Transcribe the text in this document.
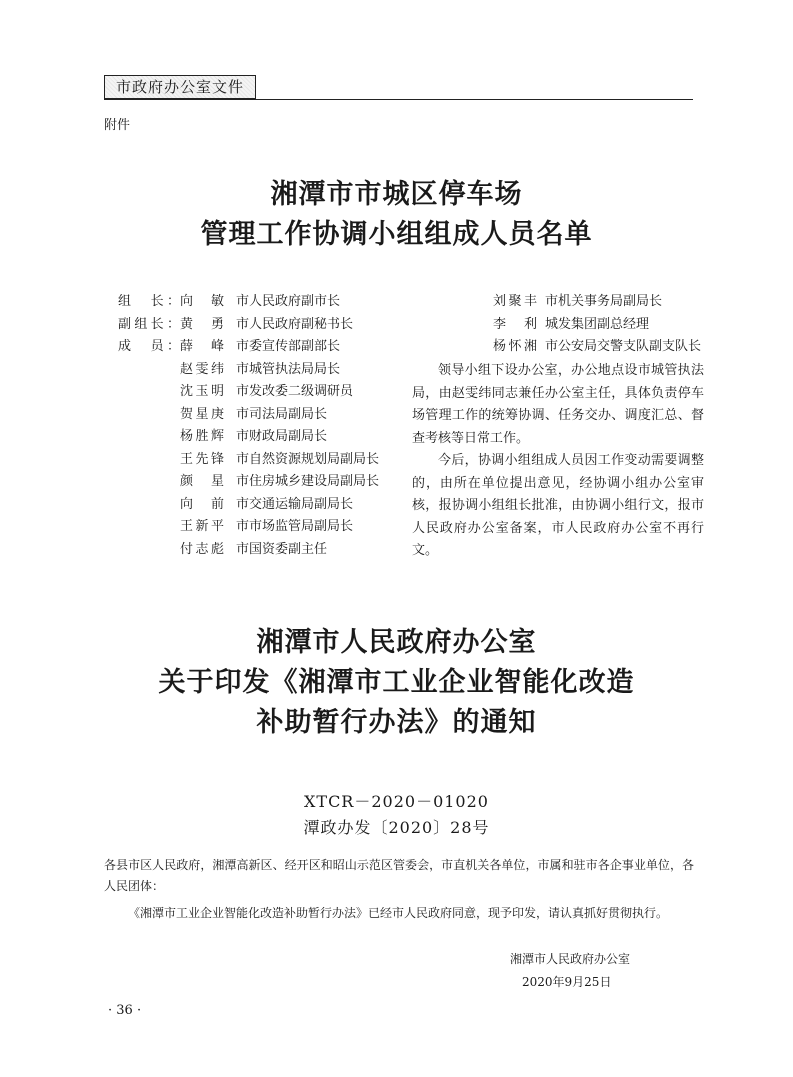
市政府办公室文件
附件
湘潭市市城区停车场
管理工作协调小组组成人员名单
组　长： 向　敏 市人民政府副市长
副组长： 黄　勇 市人民政府副秘书长
成　员： 薛　峰 市委宣传部副部长
赵雯纬 市城管执法局局长
沈玉明 市发改委二级调研员
贺星庚 市司法局副局长
杨胜辉 市财政局副局长
王先锋 市自然资源规划局副局长
颜　星 市住房城乡建设局副局长
向　前 市交通运输局副局长
王新平 市市场监管局副局长
付志彪 市国资委副主任
刘聚丰 市机关事务局副局长
李　利 城发集团副总经理
杨怀湘 市公安局交警支队副支队长
领导小组下设办公室，办公地点设市城管执法局，由赵雯纬同志兼任办公室主任，具体负责停车场管理工作的统筹协调、任务交办、调度汇总、督查考核等日常工作。
今后，协调小组组成人员因工作变动需要调整的，由所在单位提出意见，经协调小组办公室审核，报协调小组组长批准，由协调小组行文，报市人民政府办公室备案，市人民政府办公室不再行文。
湘潭市人民政府办公室
关于印发《湘潭市工业企业智能化改造
补助暂行办法》的通知
XTCR－2020－01020
潭政办发〔2020〕28号
各县市区人民政府，湘潭高新区、经开区和昭山示范区管委会，市直机关各单位，市属和驻市各企事业单位，各人民团体：
《湘潭市工业企业智能化改造补助暂行办法》已经市人民政府同意，现予印发，请认真抓好贯彻执行。
湘潭市人民政府办公室
2020年9月25日
· 36 ·
